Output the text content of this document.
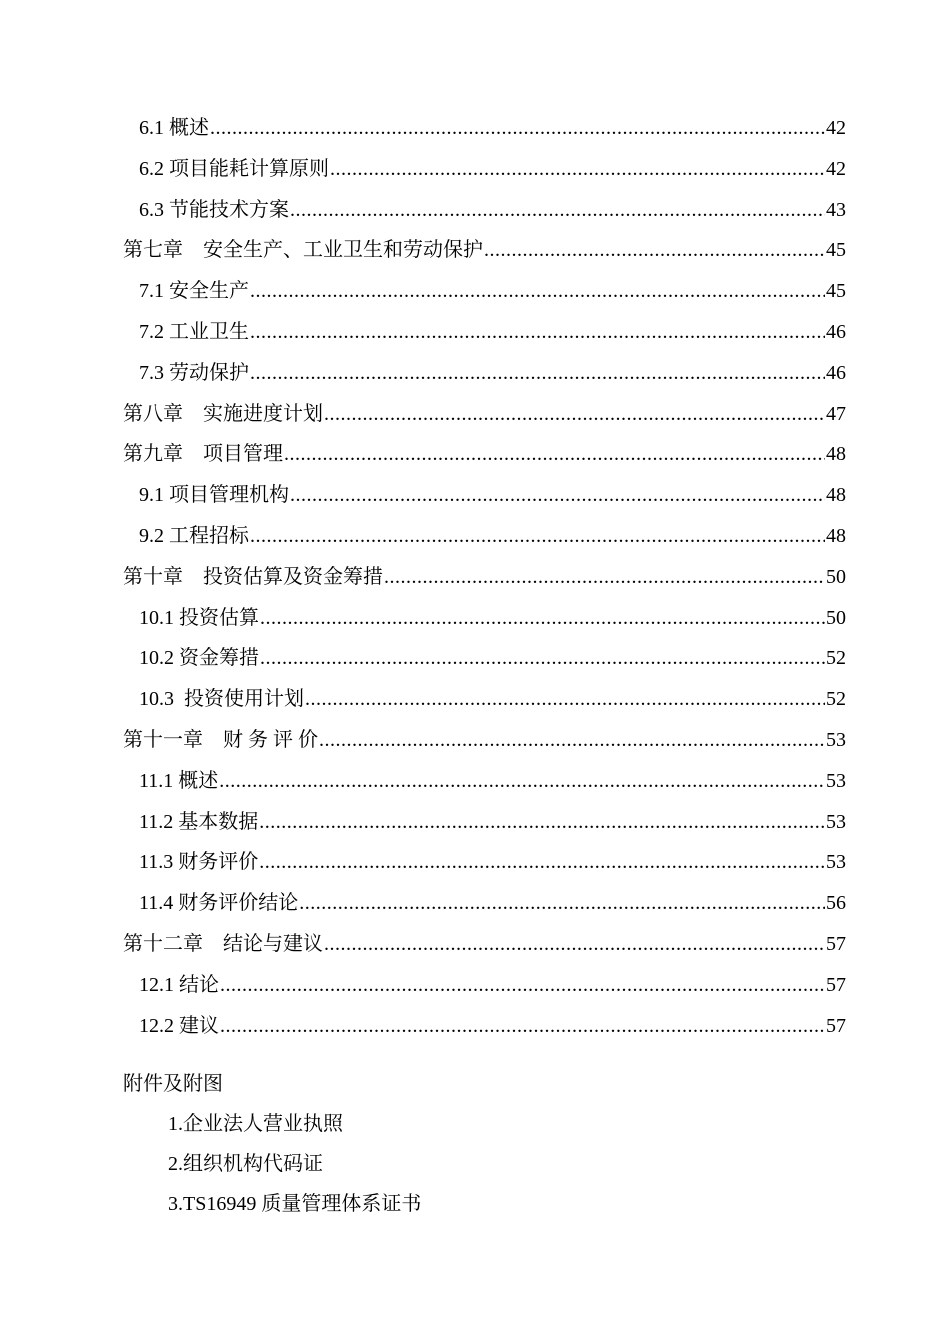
6.1 概述 .....	42
6.2 项目能耗计算原则 .....	42
6.3 节能技术方案 .....	43
第七章　安全生产、工业卫生和劳动保护 .....	45
7.1 安全生产 .....	45
7.2 工业卫生 .....	46
7.3 劳动保护 .....	46
第八章　实施进度计划 .....	47
第九章　项目管理 .....	48
9.1 项目管理机构 .....	48
9.2 工程招标 .....	48
第十章　投资估算及资金筹措 .....	50
10.1 投资估算 .....	50
10.2 资金筹措 .....	52
10.3  投资使用计划 .....	52
第十一章　财 务 评 价 .....	53
11.1 概述 .....	53
11.2 基本数据 .....	53
11.3 财务评价 .....	53
11.4 财务评价结论 .....	56
第十二章　结论与建议 .....	57
12.1 结论 .....	57
12.2 建议 .....	57
附件及附图
1.企业法人营业执照
2.组织机构代码证
3.TS16949 质量管理体系证书
